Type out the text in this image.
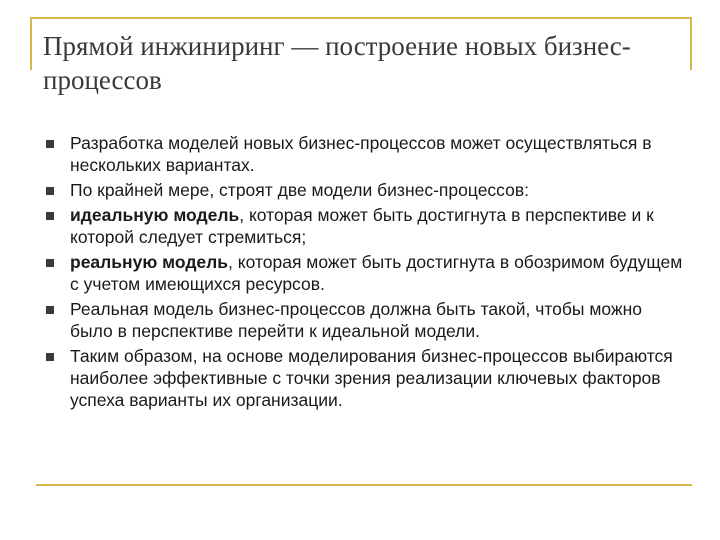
Прямой инжиниринг — построение новых бизнес-процессов
Разработка моделей новых бизнес-процессов может осуществляться в нескольких вариантах.
По крайней мере, строят две модели бизнес-процессов:
идеальную модель, которая может быть достигнута в перспективе и к которой следует стремиться;
реальную модель, которая может быть достигнута в обозримом будущем с учетом имеющихся ресурсов.
Реальная модель бизнес-процессов должна быть такой, чтобы можно было в перспективе перейти к идеальной модели.
Таким образом, на основе моделирования бизнес-процессов выбираются наиболее эффективные с точки зрения реализации ключевых факторов успеха варианты их организации.
